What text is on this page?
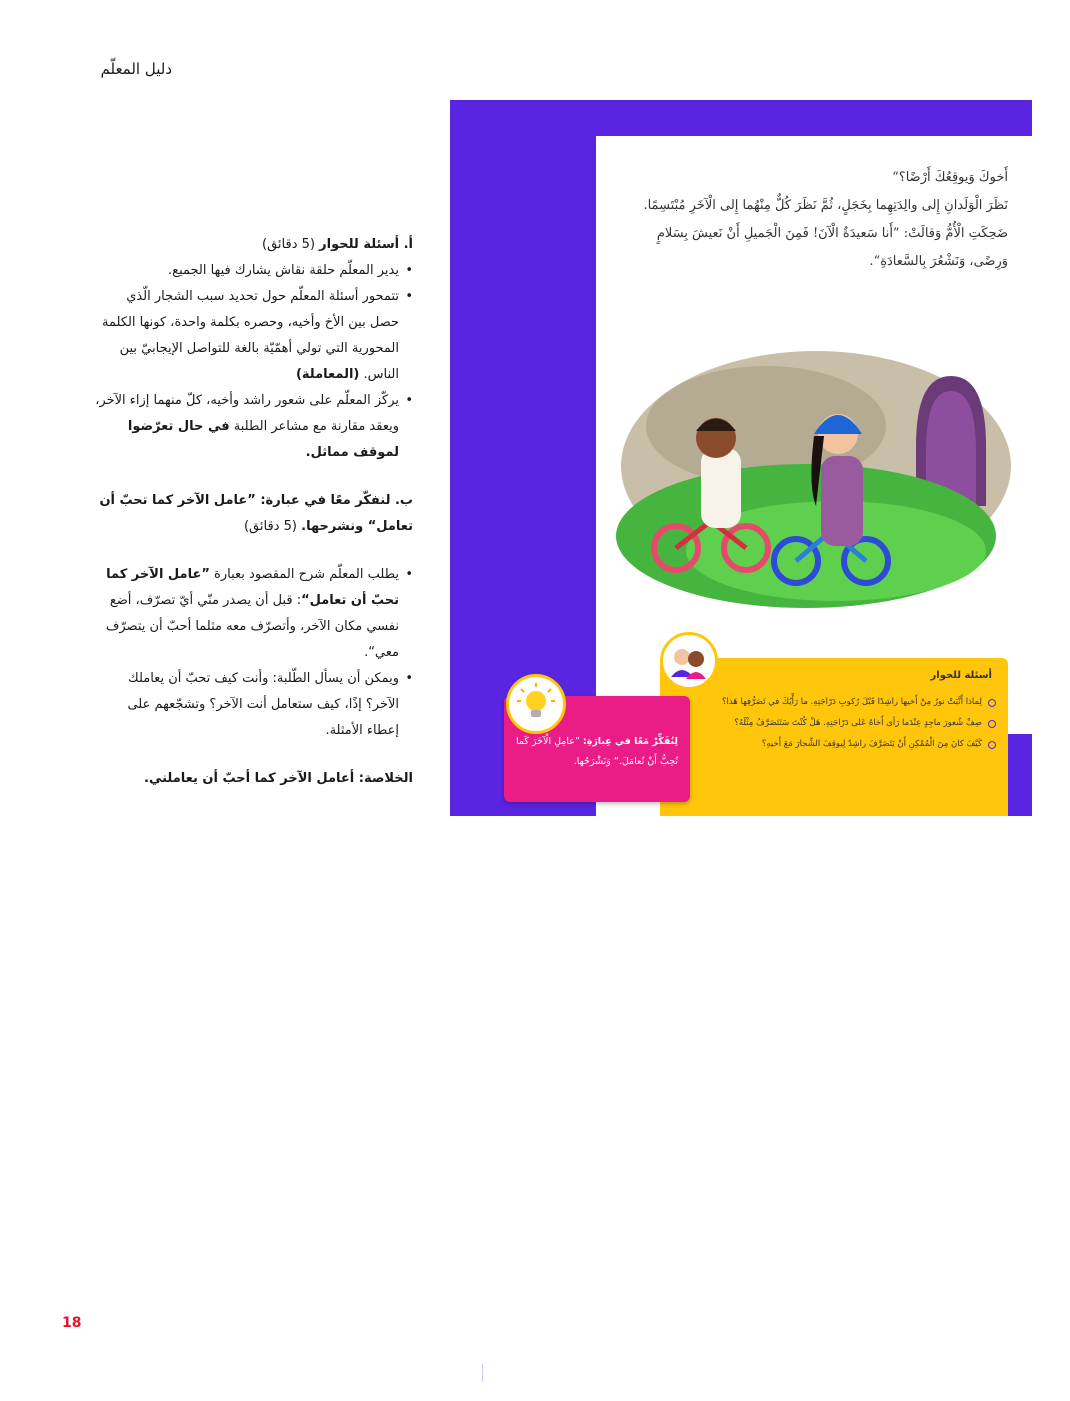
دليل المعلّم
أ. أسئلة للحوار (5 دقائق)
• يدير المعلّم حلقة نقاش يشارك فيها الجميع.
• تتمحور أسئلة المعلّم حول تحديد سبب الشجار الّذي حصل بين الأخ وأخيه، وحصره بكلمة واحدة، كونها الكلمة المحورية التي تولي أهمّيّة بالغة للتواصل الإيجابيّ بين الناس. (المعاملة)
• يركّز المعلّم على شعور راشد وأخيه، كلّ منهما إزاء الآخر، ويعقد مقارنة مع مشاعر الطلبة في حال تعرّضوا لموقف مماثل.
ب. لنفكّر معًا في عبارة: ”عامل الآخر كما تحبّ أن تعامل“ ونشرحها. (5 دقائق)
• يطلب المعلّم شرح المقصود بعبارة ”عامل الآخر كما تحبّ أن تعامل“: قبل أن يصدر منّي أيّ تصرّف، أضع نفسي مكان الآخر، وأتصرّف معه مثلما أحبّ أن يتصرّف معي“.
• ويمكن أن يسأل الطّلبة: وأنت كيف تحبّ أن يعاملك الآخر؟ إذًا، كيف ستعامل أنت الآخر؟ وتشجّعهم على إعطاء الأمثلة.
الخلاصة: أعامل الآخر كما أحبّ أن يعاملني.
18
أَخوكَ وَيوقِعُكَ أَرْضًا؟“
نَظَرَ الْوَلَدانِ إِلى والِدَتِهِما بِخَجَلٍ، ثُمَّ نَظَرَ كُلٌّ مِنْهُما إِلى الْآخَرِ مُبْتَسِمًا.
ضَحِكَتِ الْأُمُّ وَقالَتْ: ”أَنا سَعيدَةٌ الْآنَ! فَمِنَ الْجَميلِ أَنْ نَعيشَ بِسَلامٍ وَرِضًى، وَنَشْعُرَ بِالسَّعادَةِ“.
أسئلة للحوار
لِماذا أَنَّبَتْ نورُ مِنْ أَخيها راشِدًا قَبْلَ رُكوبِ دَرّاجَتِهِ. ما رَأْيُكَ في تَصَرُّفِها هَذا؟
صِفْ شُعورَ ماجِدٍ عِنْدَما رَأى أَخاهُ عَلى دَرّاجَتِهِ. هَلْ كُنْتَ سَتَتَصَرَّفُ مِثْلَهُ؟
كَيْفَ كانَ مِنَ الْمُمْكِنِ أَنْ يَتَصَرَّفَ راشِدٌ لِيوقِفَ الشِّجارَ مَعَ أَخيهِ؟
لِنُفَكِّرْ مَعًا في عِبارَةِ: ”عامِلِ الْآخَرَ كَما تُحِبُّ أَنْ تُعامَلَ.“ وَنَشْرَحُها.
18
